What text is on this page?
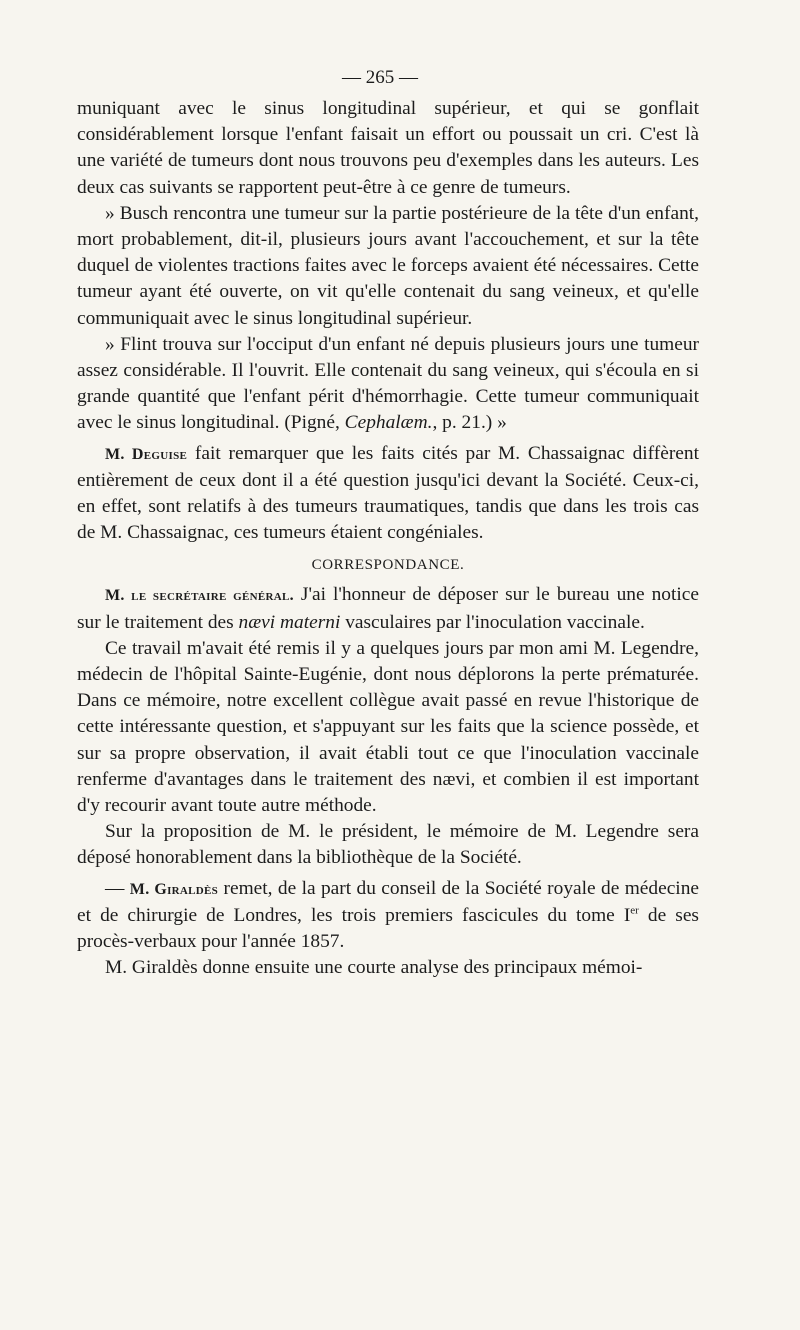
— 265 —

muniquant avec le sinus longitudinal supérieur, et qui se gonflait considérablement lorsque l'enfant faisait un effort ou poussait un cri. C'est là une variété de tumeurs dont nous trouvons peu d'exemples dans les auteurs. Les deux cas suivants se rapportent peut-être à ce genre de tumeurs.

» Busch rencontra une tumeur sur la partie postérieure de la tête d'un enfant, mort probablement, dit-il, plusieurs jours avant l'accouchement, et sur la tête duquel de violentes tractions faites avec le forceps avaient été nécessaires. Cette tumeur ayant été ouverte, on vit qu'elle contenait du sang veineux, et qu'elle communiquait avec le sinus longitudinal supérieur.

» Flint trouva sur l'occiput d'un enfant né depuis plusieurs jours une tumeur assez considérable. Il l'ouvrit. Elle contenait du sang veineux, qui s'écoula en si grande quantité que l'enfant périt d'hémorrhagie. Cette tumeur communiquait avec le sinus longitudinal. (Pigné, Cephalæm., p. 21.) »

M. Deguise fait remarquer que les faits cités par M. Chassaignac diffèrent entièrement de ceux dont il a été question jusqu'ici devant la Société. Ceux-ci, en effet, sont relatifs à des tumeurs traumatiques, tandis que dans les trois cas de M. Chassaignac, ces tumeurs étaient congéniales.

CORRESPONDANCE.

M. le secrétaire général. J'ai l'honneur de déposer sur le bureau une notice sur le traitement des nævi materni vasculaires par l'inoculation vaccinale.

Ce travail m'avait été remis il y a quelques jours par mon ami M. Legendre, médecin de l'hôpital Sainte-Eugénie, dont nous déplorons la perte prématurée. Dans ce mémoire, notre excellent collègue avait passé en revue l'historique de cette intéressante question, et s'appuyant sur les faits que la science possède, et sur sa propre observation, il avait établi tout ce que l'inoculation vaccinale renferme d'avantages dans le traitement des nævi, et combien il est important d'y recourir avant toute autre méthode.

Sur la proposition de M. le président, le mémoire de M. Legendre sera déposé honorablement dans la bibliothèque de la Société.

— M. Giraldès remet, de la part du conseil de la Société royale de médecine et de chirurgie de Londres, les trois premiers fascicules du tome Ier de ses procès-verbaux pour l'année 1857.

M. Giraldès donne ensuite une courte analyse des principaux mémoi-
